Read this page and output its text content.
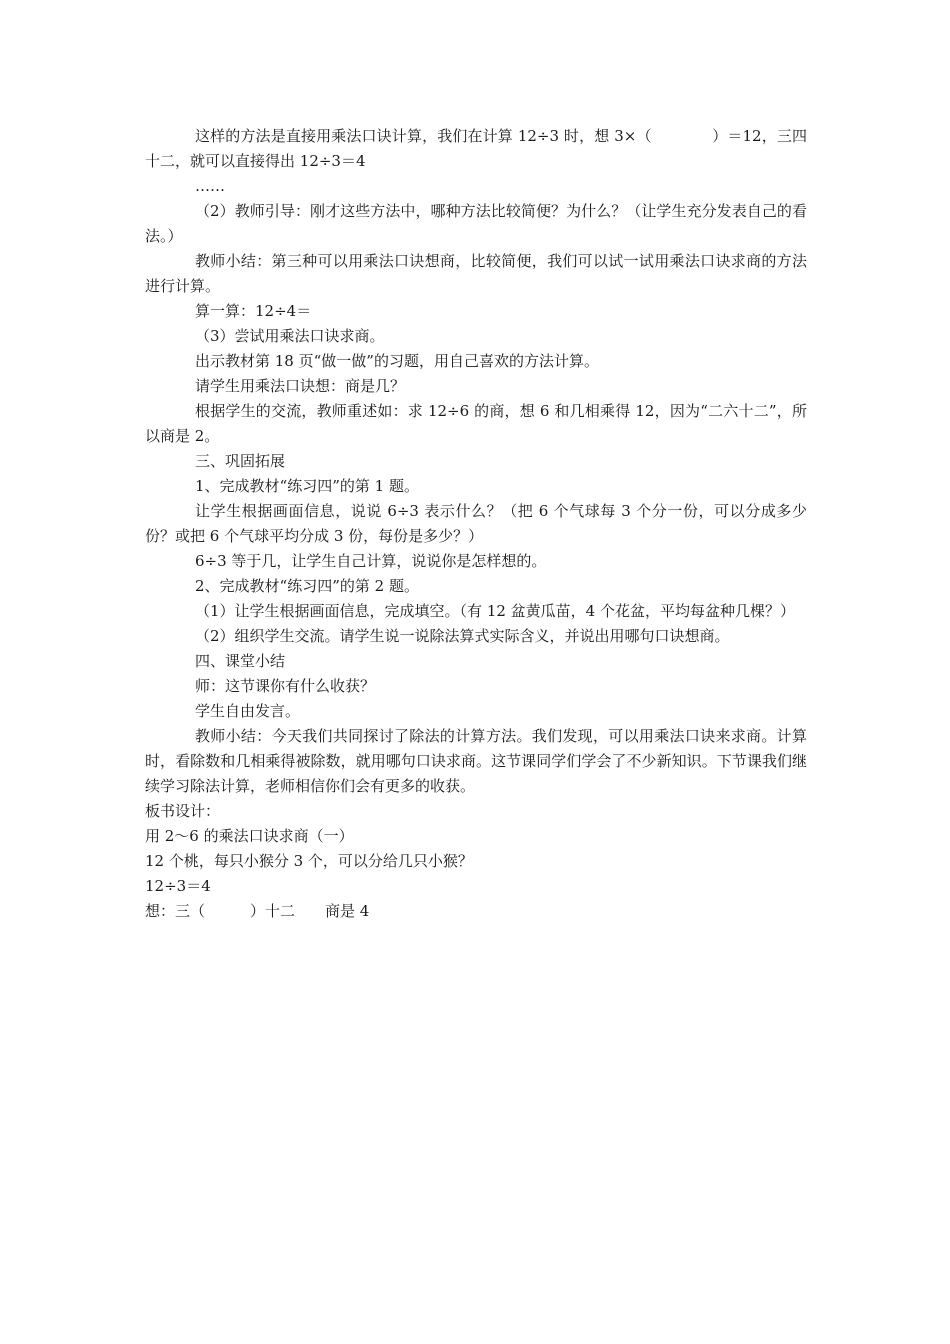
这样的方法是直接用乘法口诀计算，我们在计算 12÷3 时，想 3×（　　　　）＝12，三四十二，就可以直接得出 12÷3＝4

……

（2）教师引导：刚才这些方法中，哪种方法比较简便？为什么？（让学生充分发表自己的看法。）

教师小结：第三种可以用乘法口诀想商，比较简便，我们可以试一试用乘法口诀求商的方法进行计算。

算一算：12÷4＝

（3）尝试用乘法口诀求商。

出示教材第 18 页“做一做”的习题，用自己喜欢的方法计算。

请学生用乘法口诀想：商是几？

根据学生的交流，教师重述如：求 12÷6 的商，想 6 和几相乘得 12，因为“二六十二”，所以商是 2。

三、巩固拓展

1、完成教材“练习四”的第 1 题。

让学生根据画面信息，说说 6÷3 表示什么？（把 6 个气球每 3 个分一份，可以分成多少份？或把 6 个气球平均分成 3 份，每份是多少？）

6÷3 等于几，让学生自己计算，说说你是怎样想的。

2、完成教材“练习四”的第 2 题。

（1）让学生根据画面信息，完成填空。（有 12 盆黄瓜苗，4 个花盆，平均每盆种几棵？）

（2）组织学生交流。请学生说一说除法算式实际含义，并说出用哪句口诀想商。

四、课堂小结

师：这节课你有什么收获？

学生自由发言。

教师小结：今天我们共同探讨了除法的计算方法。我们发现，可以用乘法口诀来求商。计算时，看除数和几相乘得被除数，就用哪句口诀求商。这节课同学们学会了不少新知识。下节课我们继续学习除法计算，老师相信你们会有更多的收获。

板书设计：

用 2～6 的乘法口诀求商（一）

12 个桃，每只小猴分 3 个，可以分给几只小猴？

12÷3＝4

想：三（　　　）十二　　商是 4
